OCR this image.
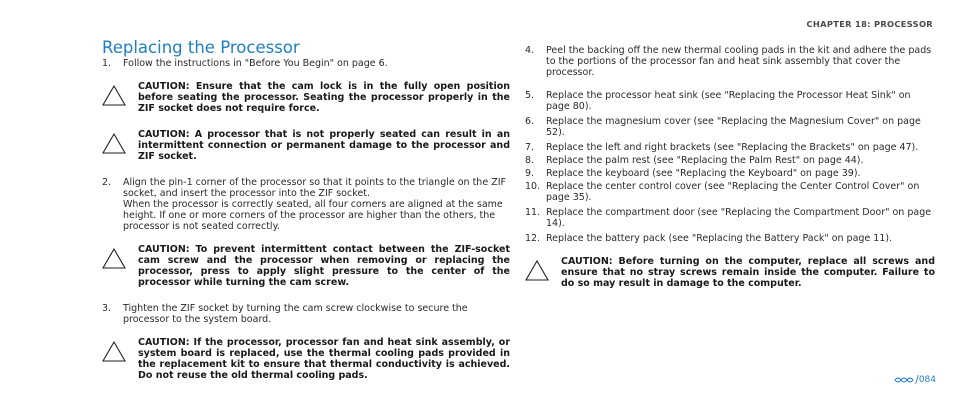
CHAPTER 18: PROCESSOR
Replacing the Processor
1. Follow the instructions in "Before You Begin" on page 6.
CAUTION: Ensure that the cam lock is in the fully open position before seating the processor. Seating the processor properly in the ZIF socket does not require force.
CAUTION: A processor that is not properly seated can result in an intermittent connection or permanent damage to the processor and ZIF socket.
2. Align the pin-1 corner of the processor so that it points to the triangle on the ZIF socket, and insert the processor into the ZIF socket.
When the processor is correctly seated, all four corners are aligned at the same height. If one or more corners of the processor are higher than the others, the processor is not seated correctly.
CAUTION: To prevent intermittent contact between the ZIF-socket cam screw and the processor when removing or replacing the processor, press to apply slight pressure to the center of the processor while turning the cam screw.
3. Tighten the ZIF socket by turning the cam screw clockwise to secure the processor to the system board.
CAUTION: If the processor, processor fan and heat sink assembly, or system board is replaced, use the thermal cooling pads provided in the replacement kit to ensure that thermal conductivity is achieved. Do not reuse the old thermal cooling pads.
4. Peel the backing off the new thermal cooling pads in the kit and adhere the pads to the portions of the processor fan and heat sink assembly that cover the processor.
5. Replace the processor heat sink (see "Replacing the Processor Heat Sink" on page 80).
6. Replace the magnesium cover (see "Replacing the Magnesium Cover" on page 52).
7. Replace the left and right brackets (see "Replacing the Brackets" on page 47).
8. Replace the palm rest (see "Replacing the Palm Rest" on page 44).
9. Replace the keyboard (see "Replacing the Keyboard" on page 39).
10. Replace the center control cover (see "Replacing the Center Control Cover" on page 35).
11. Replace the compartment door (see "Replacing the Compartment Door" on page 14).
12. Replace the battery pack (see "Replacing the Battery Pack" on page 11).
CAUTION: Before turning on the computer, replace all screws and ensure that no stray screws remain inside the computer. Failure to do so may result in damage to the computer.
/ 084
